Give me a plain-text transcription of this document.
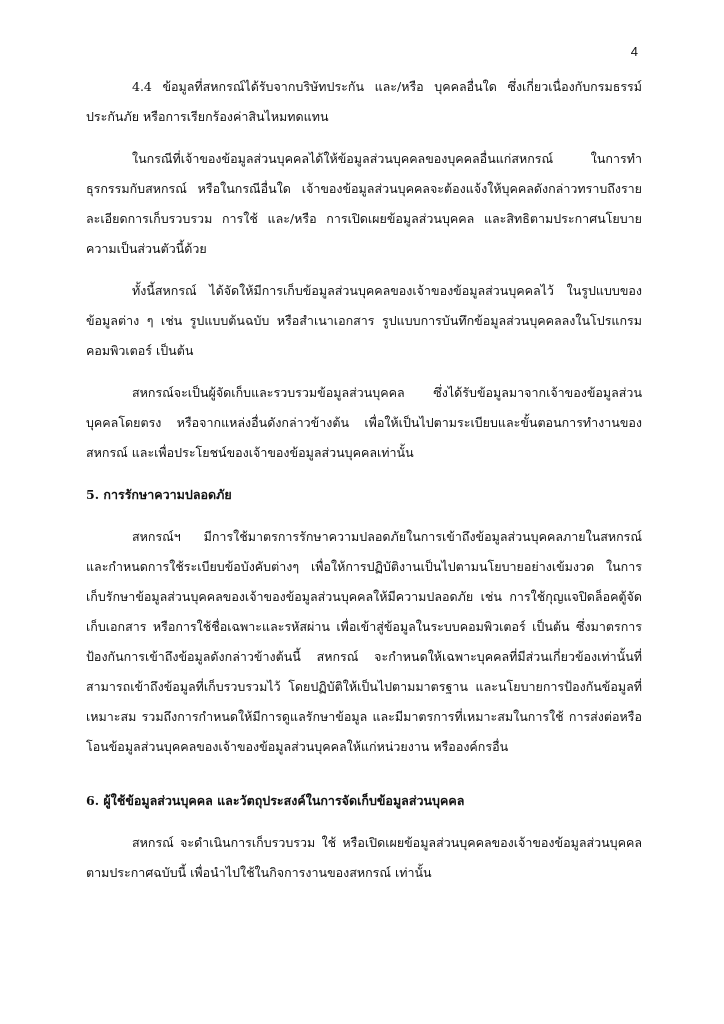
4

4.4 ข้อมูลที่สหกรณ์ได้รับจากบริษัทประกัน และ/หรือ บุคคลอื่นใด ซึ่งเกี่ยวเนื่องกับกรมธรรม์ประกันภัย หรือการเรียกร้องค่าสินไหมทดแทน

ในกรณีที่เจ้าของข้อมูลส่วนบุคคลได้ให้ข้อมูลส่วนบุคคลของบุคคลอื่นแก่สหกรณ์ ในการทำธุรกรรมกับสหกรณ์ หรือในกรณีอื่นใด เจ้าของข้อมูลส่วนบุคคลจะต้องแจ้งให้บุคคลดังกล่าวทราบถึงรายละเอียดการเก็บรวบรวม การใช้ และ/หรือ การเปิดเผยข้อมูลส่วนบุคคล และสิทธิตามประกาศนโยบายความเป็นส่วนตัวนี้ด้วย

ทั้งนี้สหกรณ์ ได้จัดให้มีการเก็บข้อมูลส่วนบุคคลของเจ้าของข้อมูลส่วนบุคคลไว้ ในรูปแบบของข้อมูลต่าง ๆ เช่น รูปแบบต้นฉบับ หรือสำเนาเอกสาร รูปแบบการบันทึกข้อมูลส่วนบุคคลลงในโปรแกรมคอมพิวเตอร์ เป็นต้น

สหกรณ์จะเป็นผู้จัดเก็บและรวบรวมข้อมูลส่วนบุคคล ซึ่งได้รับข้อมูลมาจากเจ้าของข้อมูลส่วนบุคคลโดยตรง หรือจากแหล่งอื่นดังกล่าวข้างต้น เพื่อให้เป็นไปตามระเบียบและขั้นตอนการทำงานของสหกรณ์ และเพื่อประโยชน์ของเจ้าของข้อมูลส่วนบุคคลเท่านั้น

5. การรักษาความปลอดภัย

สหกรณ์ฯ มีการใช้มาตรการรักษาความปลอดภัยในการเข้าถึงข้อมูลส่วนบุคคลภายในสหกรณ์ และกำหนดการใช้ระเบียบข้อบังคับต่างๆ เพื่อให้การปฏิบัติงานเป็นไปตามนโยบายอย่างเข้มงวด ในการเก็บรักษาข้อมูลส่วนบุคคลของเจ้าของข้อมูลส่วนบุคคลให้มีความปลอดภัย เช่น การใช้กุญแจปิดล็อคตู้จัดเก็บเอกสาร หรือการใช้ชื่อเฉพาะและรหัสผ่าน เพื่อเข้าสู่ข้อมูลในระบบคอมพิวเตอร์ เป็นต้น ซึ่งมาตรการป้องกันการเข้าถึงข้อมูลดังกล่าวข้างต้นนี้ สหกรณ์ จะกำหนดให้เฉพาะบุคคลที่มีส่วนเกี่ยวข้องเท่านั้นที่สามารถเข้าถึงข้อมูลที่เก็บรวบรวมไว้ โดยปฏิบัติให้เป็นไปตามมาตรฐาน และนโยบายการป้องกันข้อมูลที่เหมาะสม รวมถึงการกำหนดให้มีการดูแลรักษาข้อมูล และมีมาตรการที่เหมาะสมในการใช้ การส่งต่อหรือโอนข้อมูลส่วนบุคคลของเจ้าของข้อมูลส่วนบุคคลให้แก่หน่วยงาน หรือองค์กรอื่น

6. ผู้ใช้ข้อมูลส่วนบุคคล และวัตถุประสงค์ในการจัดเก็บข้อมูลส่วนบุคคล

สหกรณ์ จะดำเนินการเก็บรวบรวม ใช้ หรือเปิดเผยข้อมูลส่วนบุคคลของเจ้าของข้อมูลส่วนบุคคลตามประกาศฉบับนี้ เพื่อนำไปใช้ในกิจการงานของสหกรณ์ เท่านั้น
